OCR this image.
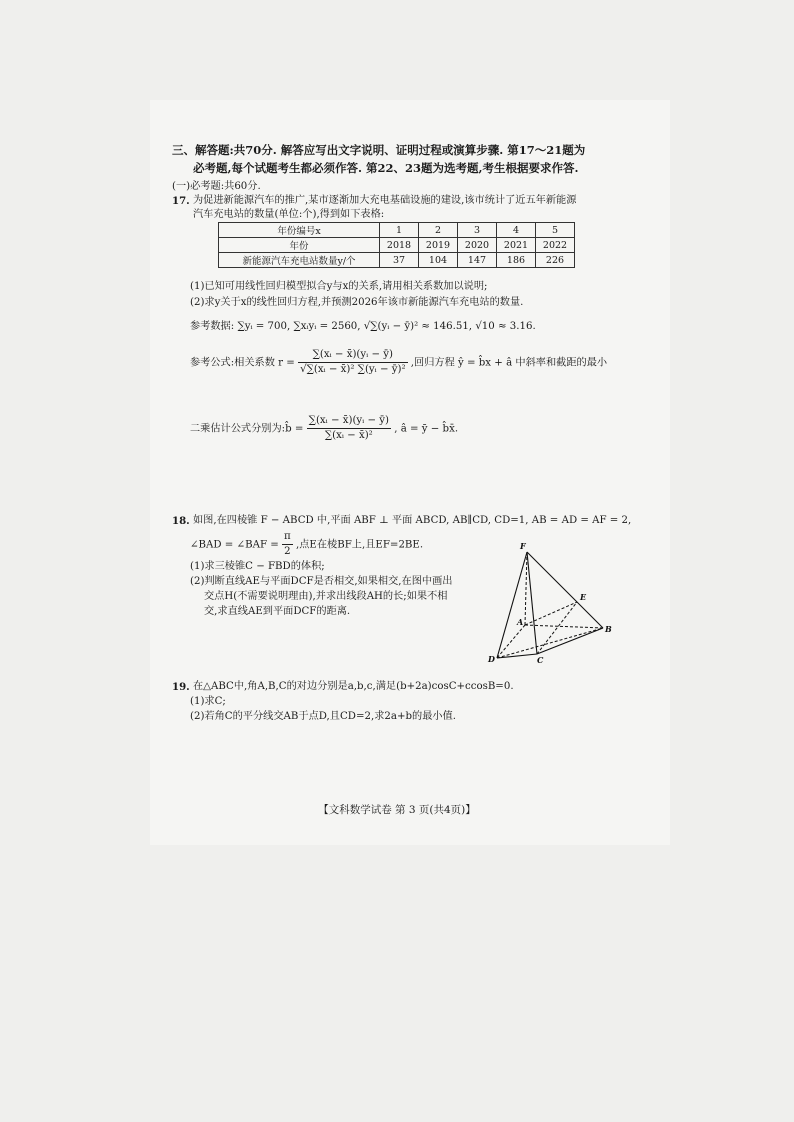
三、解答题:共70分. 解答应写出文字说明、证明过程或演算步骤. 第17～21题为
必考题,每个试题考生都必须作答. 第22、23题为选考题,考生根据要求作答.
(一)必考题:共60分.
17. 为促进新能源汽车的推广,某市逐渐加大充电基础设施的建设,该市统计了近五年新能源
汽车充电站的数量(单位:个),得到如下表格:
年份编号x	1	2	3	4	5
年份	2018	2019	2020	2021	2022
新能源汽车充电站数量y/个	37	104	147	186	226
(1)已知可用线性回归模型拟合y与x的关系,请用相关系数加以说明;
(2)求y关于x的线性回归方程,并预测2026年该市新能源汽车充电站的数量.
参考数据: ∑yᵢ = 700, ∑xᵢyᵢ = 2560, √∑(yᵢ − ȳ)² ≈ 146.51, √10 ≈ 3.16.
参考公式:相关系数 $r = \frac{\text{∑(xᵢ − x̄)(yᵢ − ȳ)}}{\text{√∑(xᵢ − x̄)² ∑(yᵢ − ȳ)²}}$ ,回归方程 ŷ = b̂x + â 中斜率和截距的最小
二乘估计公式分别为:b̂ = $\frac{\text{∑(xᵢ − x̄)(yᵢ − ȳ)}}{\text{∑(xᵢ − x̄)²}}$ , â = ȳ − b̂x̄.
18. 如图,在四棱锥 F − ABCD 中,平面 ABF ⊥ 平面 ABCD, AB∥CD, CD=1, AB = AD = AF = 2,
∠BAD = ∠BAF = $\frac{\pi}{2}$ ,点E在棱BF上,且EF=2BE.
(1)求三棱锥C − FBD的体积;
(2)判断直线AE与平面DCF是否相交,如果相交,在图中画出
交点H(不需要说明理由),并求出线段AH的长;如果不相
交,求直线AE到平面DCF的距离.
F
E
A
B
C
D
19. 在△ABC中,角A,B,C的对边分别是a,b,c,满足(b+2a)cosC+ccosB=0.
(1)求C;
(2)若角C的平分线交AB于点D,且CD=2,求2a+b的最小值.
【文科数学试卷 第 3 页(共4页)】
